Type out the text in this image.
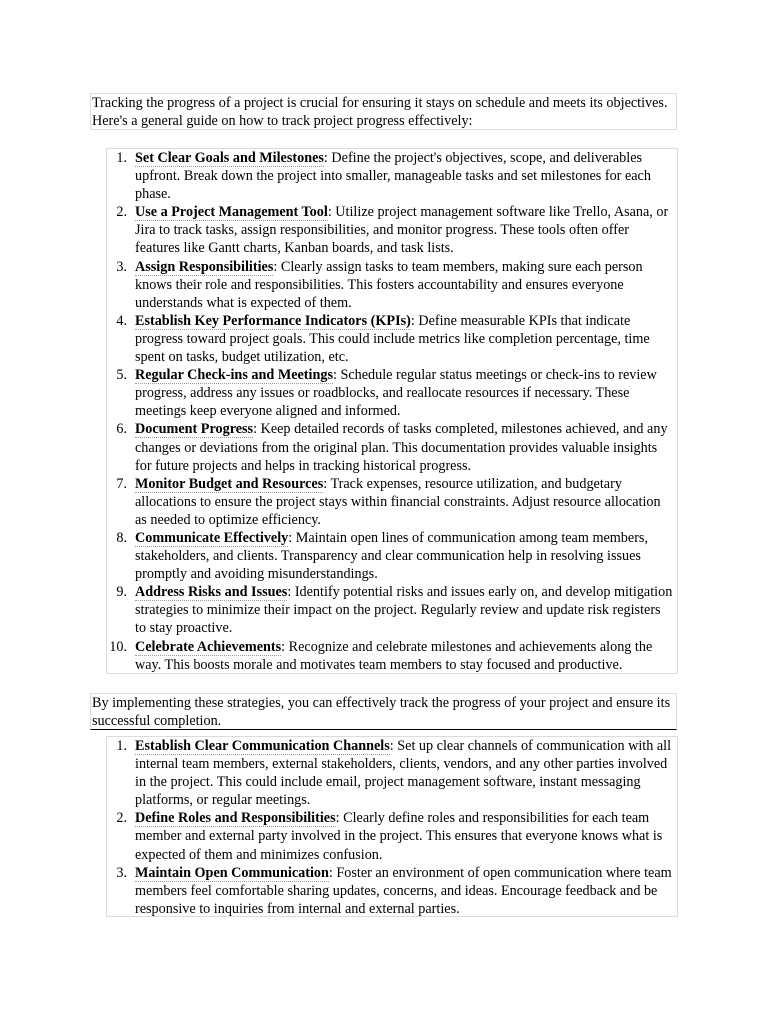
Tracking the progress of a project is crucial for ensuring it stays on schedule and meets its objectives. Here's a general guide on how to track project progress effectively:
1. Set Clear Goals and Milestones: Define the project's objectives, scope, and deliverables upfront. Break down the project into smaller, manageable tasks and set milestones for each phase.
2. Use a Project Management Tool: Utilize project management software like Trello, Asana, or Jira to track tasks, assign responsibilities, and monitor progress. These tools often offer features like Gantt charts, Kanban boards, and task lists.
3. Assign Responsibilities: Clearly assign tasks to team members, making sure each person knows their role and responsibilities. This fosters accountability and ensures everyone understands what is expected of them.
4. Establish Key Performance Indicators (KPIs): Define measurable KPIs that indicate progress toward project goals. This could include metrics like completion percentage, time spent on tasks, budget utilization, etc.
5. Regular Check-ins and Meetings: Schedule regular status meetings or check-ins to review progress, address any issues or roadblocks, and reallocate resources if necessary. These meetings keep everyone aligned and informed.
6. Document Progress: Keep detailed records of tasks completed, milestones achieved, and any changes or deviations from the original plan. This documentation provides valuable insights for future projects and helps in tracking historical progress.
7. Monitor Budget and Resources: Track expenses, resource utilization, and budgetary allocations to ensure the project stays within financial constraints. Adjust resource allocation as needed to optimize efficiency.
8. Communicate Effectively: Maintain open lines of communication among team members, stakeholders, and clients. Transparency and clear communication help in resolving issues promptly and avoiding misunderstandings.
9. Address Risks and Issues: Identify potential risks and issues early on, and develop mitigation strategies to minimize their impact on the project. Regularly review and update risk registers to stay proactive.
10. Celebrate Achievements: Recognize and celebrate milestones and achievements along the way. This boosts morale and motivates team members to stay focused and productive.
By implementing these strategies, you can effectively track the progress of your project and ensure its successful completion.
1. Establish Clear Communication Channels: Set up clear channels of communication with all internal team members, external stakeholders, clients, vendors, and any other parties involved in the project. This could include email, project management software, instant messaging platforms, or regular meetings.
2. Define Roles and Responsibilities: Clearly define roles and responsibilities for each team member and external party involved in the project. This ensures that everyone knows what is expected of them and minimizes confusion.
3. Maintain Open Communication: Foster an environment of open communication where team members feel comfortable sharing updates, concerns, and ideas. Encourage feedback and be responsive to inquiries from internal and external parties.
